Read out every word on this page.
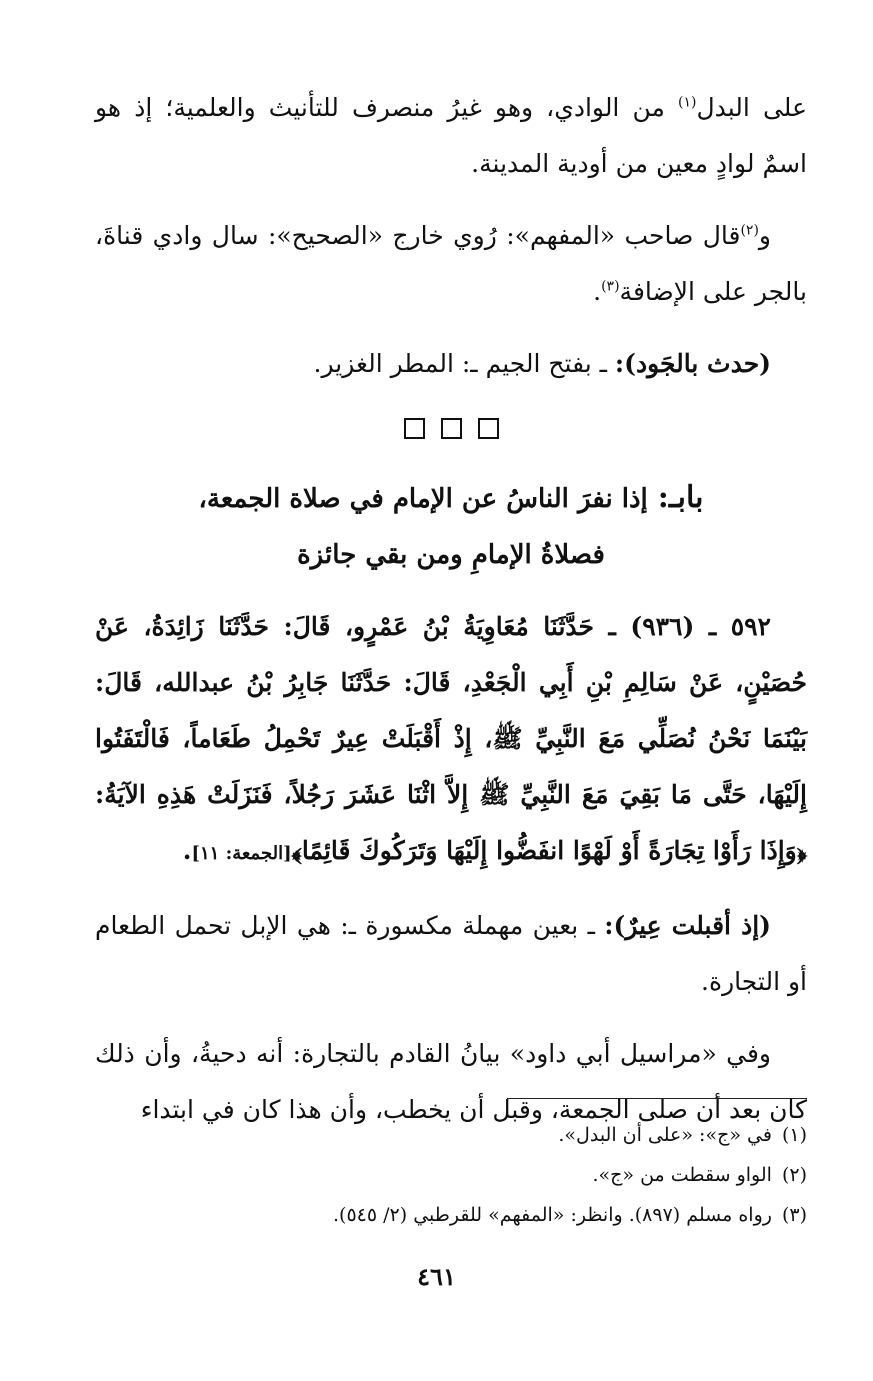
على البدل$^{(١)}$ من الوادي، وهو غيرُ منصرف للتأنيث والعلمية؛ إذ هو اسمٌ لوادٍ معين من أودية المدينة.

و$^{(٢)}$قال صاحب «المفهم»: رُوي خارج «الصحيح»: سال وادي قناةَ، بالجر على الإضافة$^{(٣)}$.

(حدث بالجَود): ـ بفتح الجيم ـ: المطر الغزير.

بابـ:إذا نفرَ الناسُ عن الإمام في صلاة الجمعة،

فصلاةُ الإمامِ ومن بقي جائزة

٥٩٢ ـ (٩٣٦) ـ حَدَّثَنَا مُعَاوِيَةُ بْنُ عَمْرٍو، قَالَ: حَدَّثَنَا زَائِدَةُ، عَنْ حُصَيْنٍ، عَنْ سَالِمِ بْنِ أَبِي الْجَعْدِ، قَالَ: حَدَّثَنَا جَابِرُ بْنُ عبدالله، قَالَ: بَيْنَمَا نَحْنُ نُصَلِّي مَعَ النَّبِيِّ ﷺ، إِذْ أَقْبَلَتْ عِيرٌ تَحْمِلُ طَعَاماً، فَالْتَفَتُوا إِلَيْهَا، حَتَّى مَا بَقِيَ مَعَ النَّبِيِّ ﷺ إِلاَّ اثْنَا عَشَرَ رَجُلاً، فَنَزَلَتْ هَذِهِ الآيَةُ: ﴿وَإِذَا رَأَوْا تِجَارَةً أَوْ لَهْوًا انفَضُّوا إِلَيْهَا وَتَرَكُوكَ قَائِمًا﴾[الجمعة: ١١].

(إذ أقبلت عِيرٌ): ـ بعين مهملة مكسورة ـ: هي الإبل تحمل الطعام أو التجارة.

وفي «مراسيل أبي داود» بيانُ القادم بالتجارة: أنه دحيةُ، وأن ذلك كان بعد أن صلى الجمعة، وقبل أن يخطب، وأن هذا كان في ابتداء

(١)في «ج»: «على أن البدل».

(٢)الواو سقطت من «ج».

(٣)رواه مسلم (٨٩٧). وانظر: «المفهم» للقرطبي (٢/ ٥٤٥).

٤٦١
